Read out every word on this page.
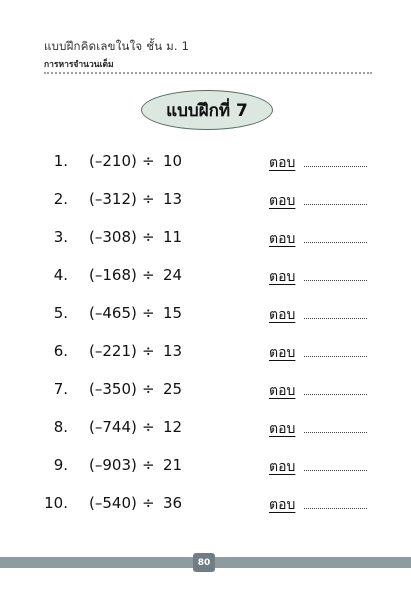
แบบฝึกคิดเลขในใจ ชั้น ม. 1
การหารจำนวนเต็ม
แบบฝึกที่ 7
1. (–210) ÷ 10	ตอบ
2. (–312) ÷ 13	ตอบ
3. (–308) ÷ 11	ตอบ
4. (–168) ÷ 24	ตอบ
5. (–465) ÷ 15	ตอบ
6. (–221) ÷ 13	ตอบ
7. (–350) ÷ 25	ตอบ
8. (–744) ÷ 12	ตอบ
9. (–903) ÷ 21	ตอบ
10. (–540) ÷ 36	ตอบ
80
